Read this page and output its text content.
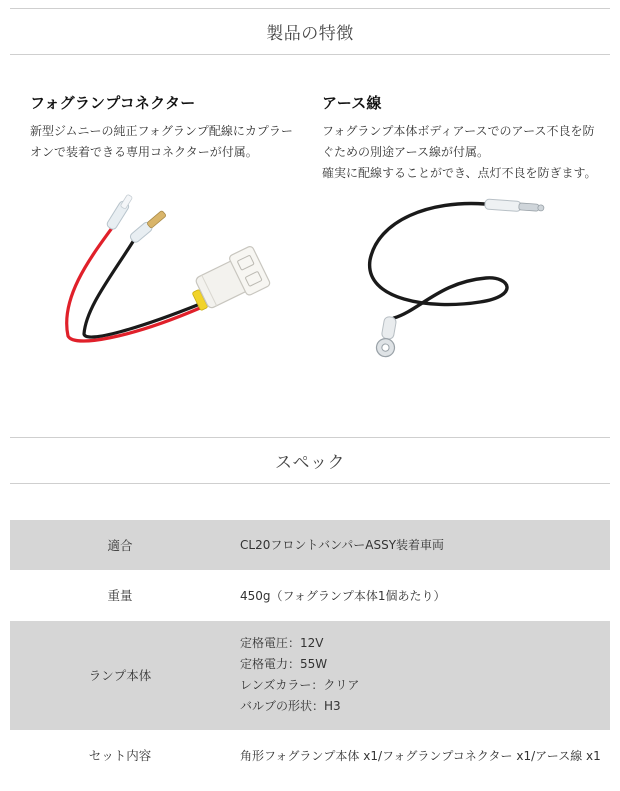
製品の特徴
フォグランプコネクター

新型ジムニーの純正フォグランプ配線にカプラー
オンで装着できる専用コネクターが付属。

アース線

フォグランプ本体ボディアースでのアース不良を防
ぐための別途アース線が付属。
確実に配線することができ、点灯不良を防ぎます。

スペック
適合	CL20フロントバンパーASSY装着車両
重量	450g（フォグランプ本体1個あたり）
ランプ本体	定格電圧：12V
定格電力：55W
レンズカラー：クリア
バルブの形状：H3

セット内容	角形フォグランプ本体 x1/フォグランプコネクター x1/アース線 x1
